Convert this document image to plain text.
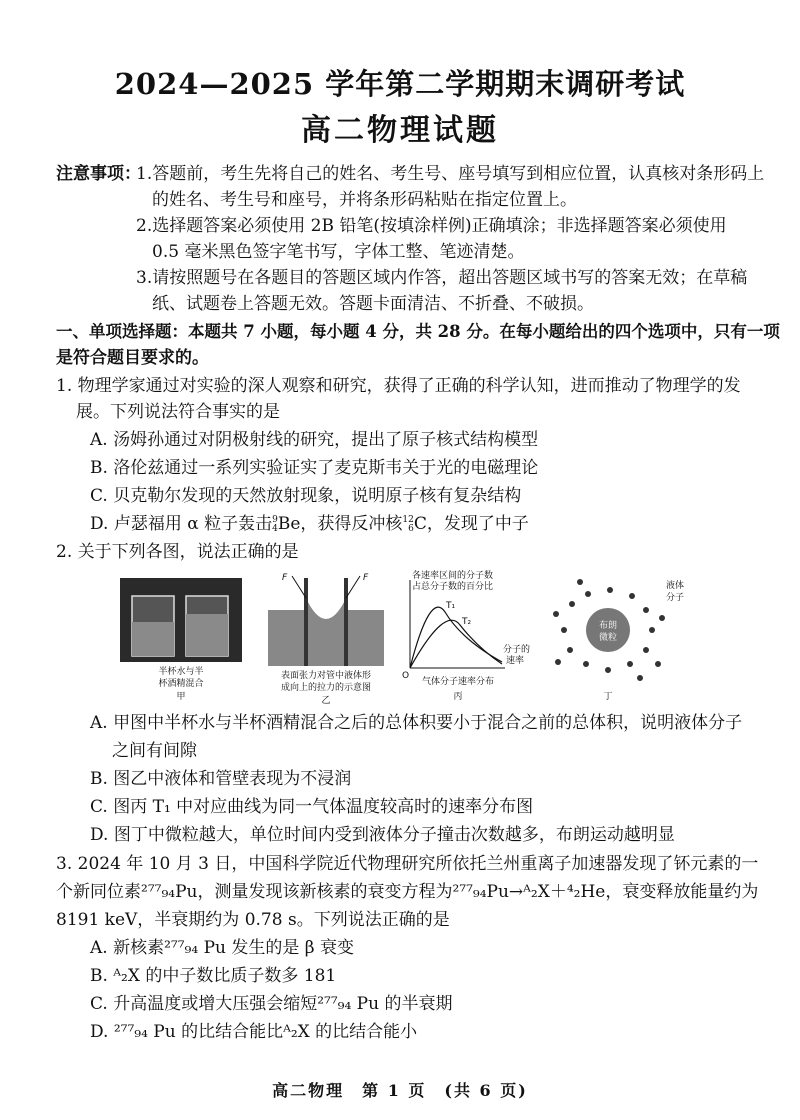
2024—2025 学年第二学期期末调研考试
高二物理试题
注意事项：
1.答题前，考生先将自己的姓名、考生号、座号填写到相应位置，认真核对条形码上
的姓名、考生号和座号，并将条形码粘贴在指定位置上。
2.选择题答案必须使用 2B 铅笔(按填涂样例)正确填涂；非选择题答案必须使用
0.5 毫米黑色签字笔书写，字体工整、笔迹清楚。
3.请按照题号在各题目的答题区域内作答，超出答题区域书写的答案无效；在草稿
纸、试题卷上答题无效。答题卡面清洁、不折叠、不破损。
一、单项选择题：本题共 7 小题，每小题 4 分，共 28 分。在每小题给出的四个选项中，只有一项
是符合题目要求的。
1. 物理学家通过对实验的深人观察和研究，获得了正确的科学认知，进而推动了物理学的发
展。下列说法符合事实的是
A. 汤姆孙通过对阴极射线的研究，提出了原子核式结构模型
B. 洛伦兹通过一系列实验证实了麦克斯韦关于光的电磁理论
C. 贝克勒尔发现的天然放射现象，说明原子核有复杂结构
D. 卢瑟福用 α 粒子轰击9
4Be，获得反冲核12
6C，发现了中子
2. 关于下列各图，说法正确的是
半杯水与半
杯酒精混合
甲
F	F
表面张力对管中液体形
成向上的拉力的示意图
乙
各速率区间的分子数
占总分子数的百分比
T₁
T₂
分子的
速率
O
气体分子速率分布
丙
布朗
微粒
液体
分子
丁
A. 甲图中半杯水与半杯酒精混合之后的总体积要小于混合之前的总体积，说明液体分子
之间有间隙
B. 图乙中液体和管壁表现为不浸润
C. 图丙 T₁ 中对应曲线为同一气体温度较高时的速率分布图
D. 图丁中微粒越大，单位时间内受到液体分子撞击次数越多，布朗运动越明显
3. 2024 年 10 月 3 日，中国科学院近代物理研究所依托兰州重离子加速器发现了钚元素的一
个新同位素²⁷⁷₉₄Pu，测量发现该新核素的衰变方程为²⁷⁷₉₄Pu→ᴬ₂X＋⁴₂He，衰变释放能量约为
8191 keV，半衰期约为 0.78 s。下列说法正确的是
A. 新核素²⁷⁷₉₄ Pu 发生的是 β 衰变
B. ᴬ₂X 的中子数比质子数多 181
C. 升高温度或增大压强会缩短²⁷⁷₉₄ Pu 的半衰期
D. ²⁷⁷₉₄ Pu 的比结合能比ᴬ₂X 的比结合能小
高二物理　第 1 页　(共 6 页)
